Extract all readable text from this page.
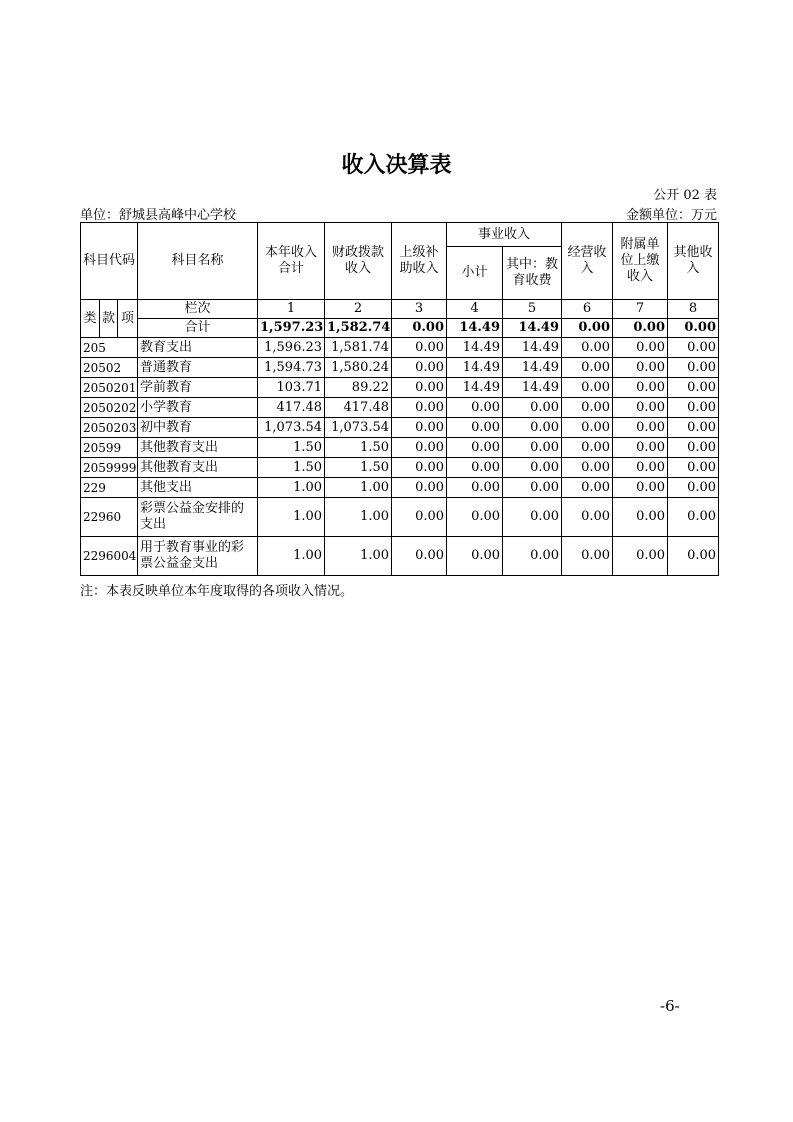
收入决算表
公开 02 表
单位：舒城县高峰中心学校	金额单位：万元
科目代码			科目名称	本年收入合计	财政拨款收入	上级补助收入	事业收入		经营收入	附属单位上缴收入	其他收入
							小计	其中：教育收费			

类	款	项	栏次	1	2	3	4	5	6	7	8
			合计	1,597.23	1,582.74	0.00	14.49	14.49	0.00	0.00	0.00
205			教育支出	1,596.23	1,581.74	0.00	14.49	14.49	0.00	0.00	0.00
20502			普通教育	1,594.73	1,580.24	0.00	14.49	14.49	0.00	0.00	0.00
2050201			学前教育	103.71	89.22	0.00	14.49	14.49	0.00	0.00	0.00
2050202			小学教育	417.48	417.48	0.00	0.00	0.00	0.00	0.00	0.00
2050203			初中教育	1,073.54	1,073.54	0.00	0.00	0.00	0.00	0.00	0.00
20599			其他教育支出	1.50	1.50	0.00	0.00	0.00	0.00	0.00	0.00
2059999			其他教育支出	1.50	1.50	0.00	0.00	0.00	0.00	0.00	0.00
229			其他支出	1.00	1.00	0.00	0.00	0.00	0.00	0.00	0.00
22960			彩票公益金安排的支出	1.00	1.00	0.00	0.00	0.00	0.00	0.00	0.00
2296004			用于教育事业的彩票公益金支出	1.00	1.00	0.00	0.00	0.00	0.00	0.00	0.00
注：本表反映单位本年度取得的各项收入情况。
-6-
